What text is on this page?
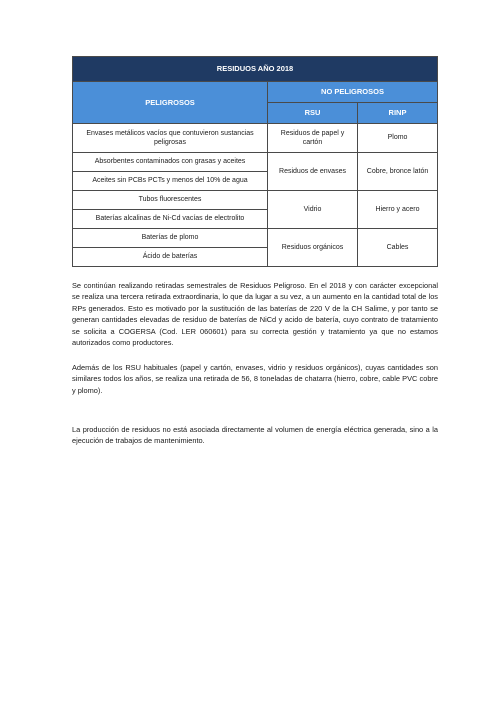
RESIDUOS AÑO 2018		
PELIGROSOS	NO PELIGROSOS	
	RSU	RINP
Envases metálicos vacíos que contuvieron sustancias peligrosas	Residuos de papel y cartón	Plomo
Absorbentes contaminados con grasas y aceites	Residuos de envases	Cobre, bronce latón
Aceites sin PCBs PCTs y menos del 10% de agua		
Tubos fluorescentes	Vidrio	Hierro y acero
Baterías alcalinas de Ni-Cd vacías de electrolito		
Baterías de plomo	Residuos orgánicos	Cables
Ácido de baterías		

Se continúan realizando retiradas semestrales de Residuos Peligroso. En el 2018 y con carácter excepcional se realiza una tercera retirada extraordinaria, lo que da lugar a su vez, a un aumento en la cantidad total de los RPs generados. Esto es motivado por la sustitución de las baterías de 220 V de la CH Salime, y por tanto se generan cantidades elevadas de residuo de baterías de NiCd y acido de batería, cuyo contrato de tratamiento se solicita a COGERSA (Cod. LER 060601) para su correcta gestión y tratamiento ya que no estamos autorizados como productores.

Además de los RSU habituales (papel y cartón, envases, vidrio y residuos orgánicos), cuyas cantidades son similares todos los años, se realiza una retirada de 56, 8 toneladas de chatarra (hierro, cobre, cable PVC cobre y plomo).

La producción de residuos no está asociada directamente al volumen de energía eléctrica generada, sino a la ejecución de trabajos de mantenimiento.
